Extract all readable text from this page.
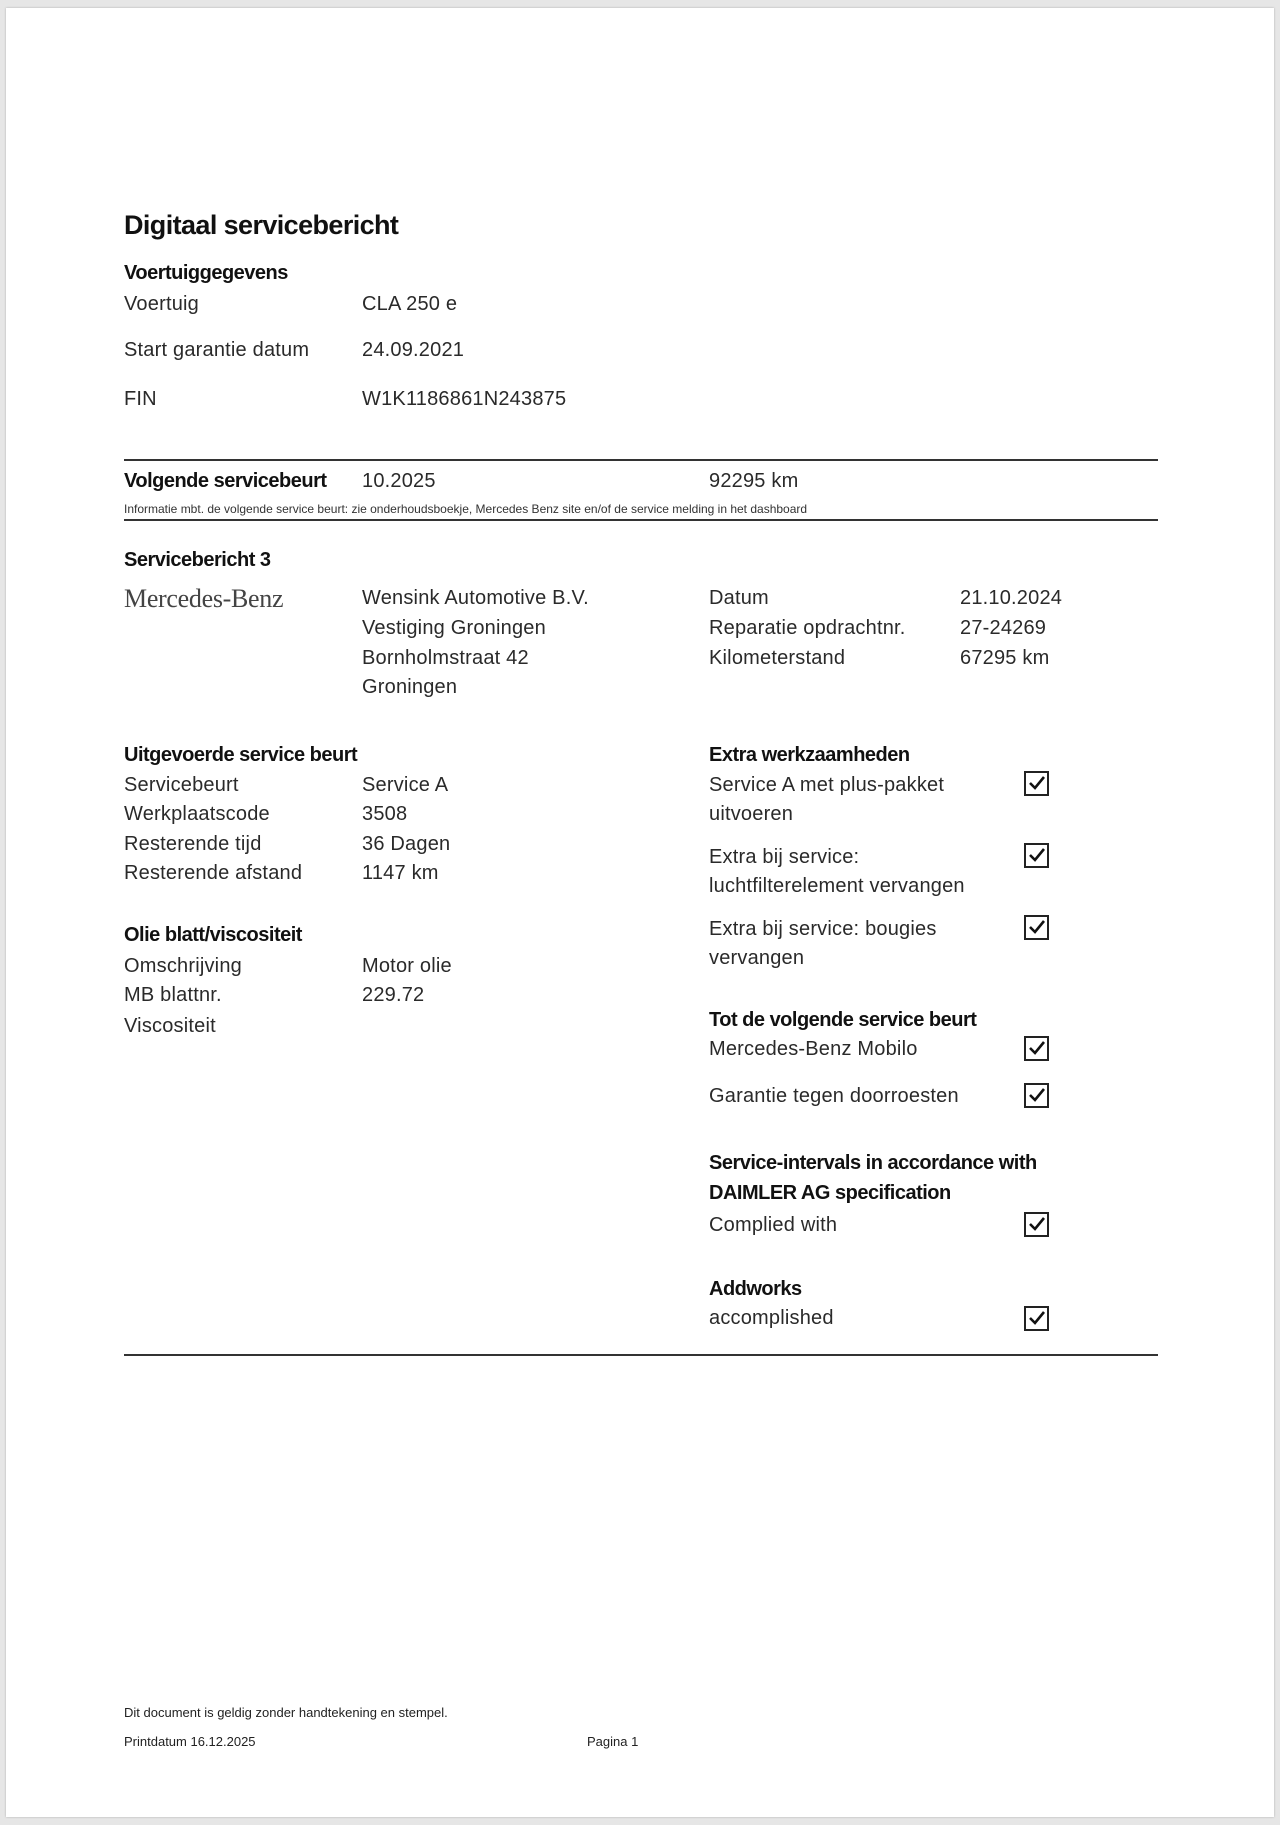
Digitaal servicebericht
Voertuiggegevens
Voertuig	CLA 250 e
Start garantie datum	24.09.2021
FIN	W1K1186861N243875
Volgende servicebeurt 10.2025	92295 km
Informatie mbt. de volgende service beurt: zie onderhoudsboekje, Mercedes Benz site en/of de service melding in het dashboard
Servicebericht 3
Mercedes-Benz	Wensink Automotive B.V.
Vestiging Groningen
Bornholmstraat 42
Groningen
Datum	21.10.2024
Reparatie opdrachtnr.	27-24269
Kilometerstand	67295 km
Uitgevoerde service beurt
Servicebeurt	Service A
Werkplaatscode	3508
Resterende tijd	36 Dagen
Resterende afstand	1147 km
Olie blatt/viscositeit
Omschrijving	Motor olie
MB blattnr.	229.72
Viscositeit
Extra werkzaamheden
Service A met plus-pakket
uitvoeren
Extra bij service:
luchtfilterelement vervangen
Extra bij service: bougies
vervangen
Tot de volgende service beurt
Mercedes-Benz Mobilo
Garantie tegen doorroesten
Service-intervals in accordance with
DAIMLER AG specification
Complied with
Addworks
accomplished
Dit document is geldig zonder handtekening en stempel.
Printdatum 16.12.2025	Pagina 1
